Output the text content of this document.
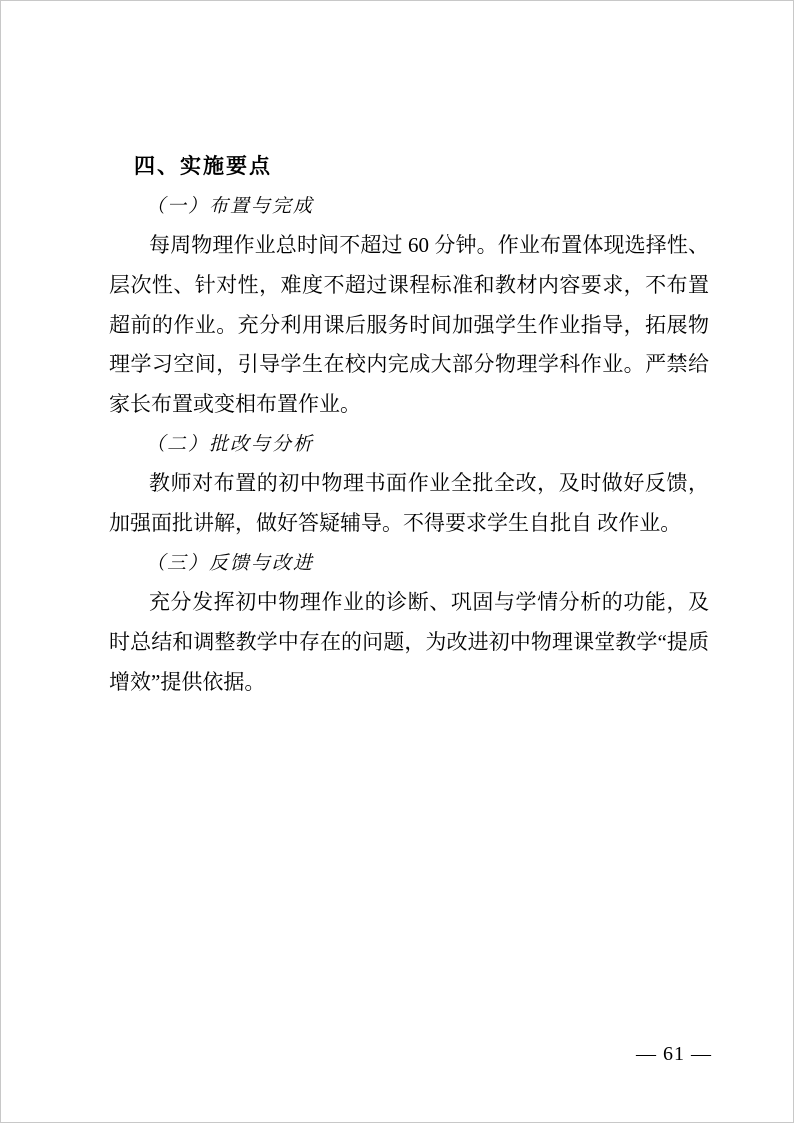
四、实施要点
（一）布置与完成
每周物理作业总时间不超过 60 分钟。作业布置体现选择性、
层次性、针对性，难度不超过课程标准和教材内容要求，不布置
超前的作业。充分利用课后服务时间加强学生作业指导，拓展物
理学习空间，引导学生在校内完成大部分物理学科作业。严禁给
家长布置或变相布置作业。
（二）批改与分析
教师对布置的初中物理书面作业全批全改，及时做好反馈，
加强面批讲解，做好答疑辅导。不得要求学生自批自 改作业。
（三）反馈与改进
充分发挥初中物理作业的诊断、巩固与学情分析的功能，及
时总结和调整教学中存在的问题，为改进初中物理课堂教学“提质
增效”提供依据。
— 61 —
